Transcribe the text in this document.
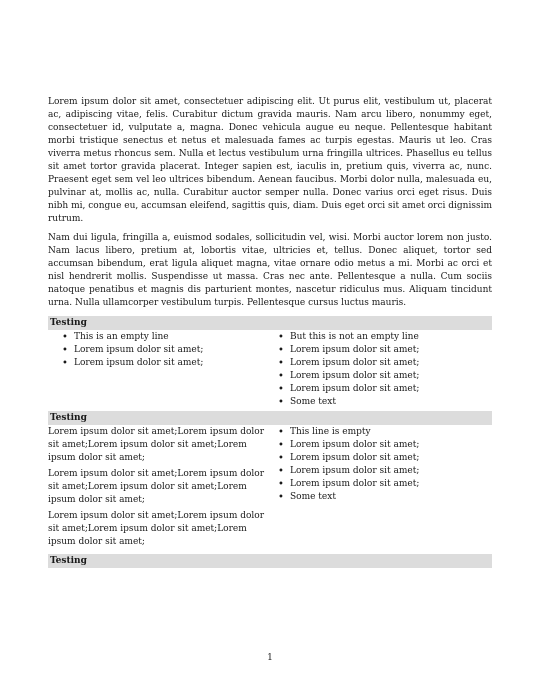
Lorem ipsum dolor sit amet, consectetuer adipiscing elit. Ut purus elit, vestibulum ut, placerat ac, adipiscing vitae, felis. Curabitur dictum gravida mauris. Nam arcu libero, nonummy eget, consectetuer id, vulputate a, magna. Donec vehicula augue eu neque. Pellentesque habitant morbi tristique senectus et netus et malesuada fames ac turpis egestas. Mauris ut leo. Cras viverra metus rhoncus sem. Nulla et lectus vestibulum urna fringilla ultrices. Phasellus eu tellus sit amet tortor gravida placerat. Integer sapien est, iaculis in, pretium quis, viverra ac, nunc. Praesent eget sem vel leo ultrices bibendum. Aenean faucibus. Morbi dolor nulla, malesuada eu, pulvinar at, mollis ac, nulla. Curabitur auctor semper nulla. Donec varius orci eget risus. Duis nibh mi, congue eu, accumsan eleifend, sagittis quis, diam. Duis eget orci sit amet orci dignissim rutrum.

Nam dui ligula, fringilla a, euismod sodales, sollicitudin vel, wisi. Morbi auctor lorem non justo. Nam lacus libero, pretium at, lobortis vitae, ultricies et, tellus. Donec aliquet, tortor sed accumsan bibendum, erat ligula aliquet magna, vitae ornare odio metus a mi. Morbi ac orci et nisl hendrerit mollis. Suspendisse ut massa. Cras nec ante. Pellentesque a nulla. Cum sociis natoque penatibus et magnis dis parturient montes, nascetur ridiculus mus. Aliquam tincidunt urna. Nulla ullamcorper vestibulum turpis. Pellentesque cursus luctus mauris.

Testing
• This is an empty line
• Lorem ipsum dolor sit amet;
• Lorem ipsum dolor sit amet;
• But this is not an empty line
• Lorem ipsum dolor sit amet;
• Lorem ipsum dolor sit amet;
• Lorem ipsum dolor sit amet;
• Lorem ipsum dolor sit amet;
• Some text
Testing

Lorem ipsum dolor sit amet;Lorem ipsum dolor sit amet;Lorem ipsum dolor sit amet;Lorem ipsum dolor sit amet;

Lorem ipsum dolor sit amet;Lorem ipsum dolor sit amet;Lorem ipsum dolor sit amet;Lorem ipsum dolor sit amet;

Lorem ipsum dolor sit amet;Lorem ipsum dolor sit amet;Lorem ipsum dolor sit amet;Lorem ipsum dolor sit amet;

• This line is empty
• Lorem ipsum dolor sit amet;
• Lorem ipsum dolor sit amet;
• Lorem ipsum dolor sit amet;
• Lorem ipsum dolor sit amet;
• Some text
Testing
1
